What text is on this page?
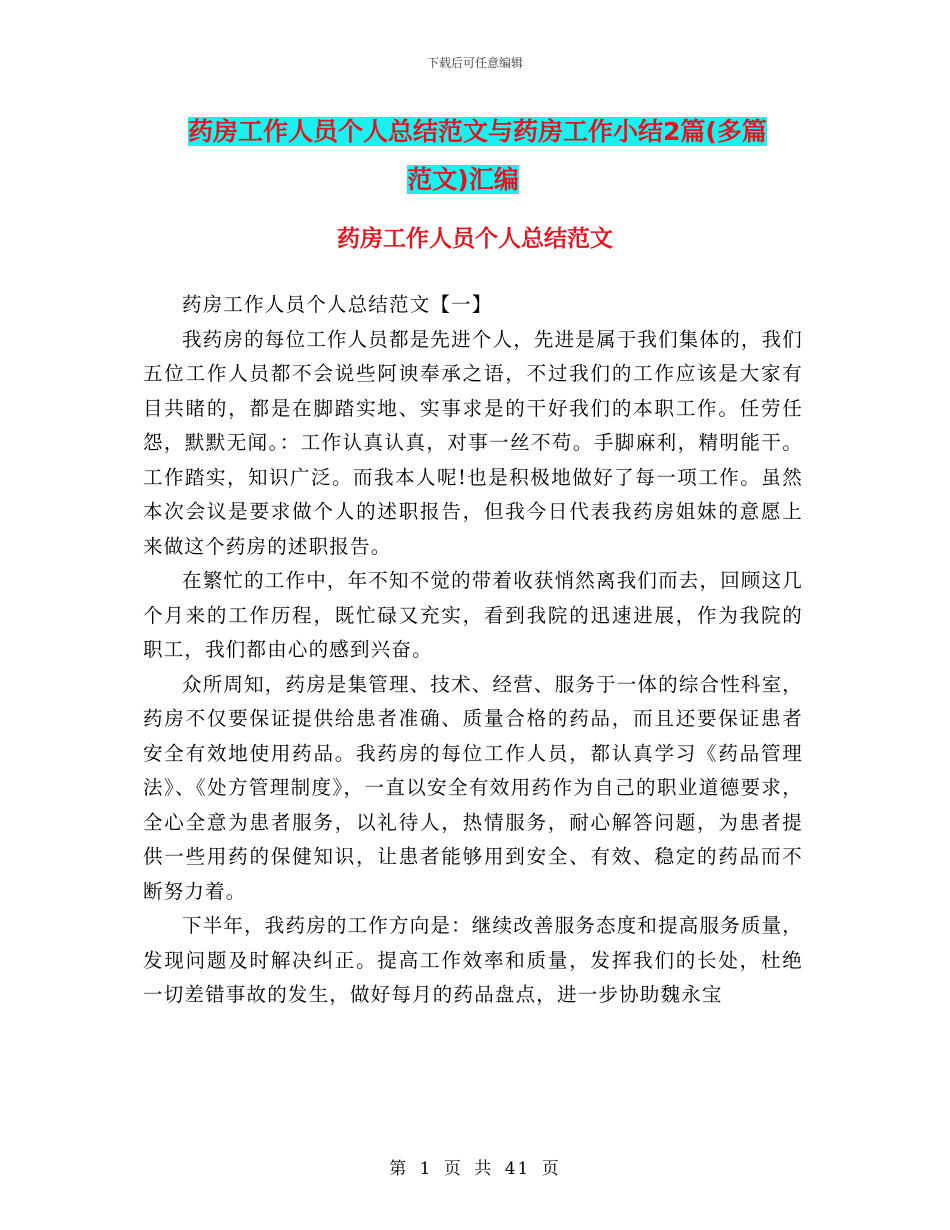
下载后可任意编辑
药房工作人员个人总结范文与药房工作小结2篇(多篇

范文)汇编
药房工作人员个人总结范文

药房工作人员个人总结范文【一】

我药房的每位工作人员都是先进个人，先进是属于我们集体的，我们五位工作人员都不会说些阿谀奉承之语，不过我们的工作应该是大家有目共睹的，都是在脚踏实地、实事求是的干好我们的本职工作。任劳任怨，默默无闻。：工作认真认真，对事一丝不苟。手脚麻利，精明能干。工作踏实，知识广泛。而我本人呢!也是积极地做好了每一项工作。虽然本次会议是要求做个人的述职报告，但我今日代表我药房姐妹的意愿上来做这个药房的述职报告。

在繁忙的工作中，年不知不觉的带着收获悄然离我们而去，回顾这几个月来的工作历程，既忙碌又充实，看到我院的迅速进展，作为我院的职工，我们都由心的感到兴奋。

众所周知，药房是集管理、技术、经营、服务于一体的综合性科室，药房不仅要保证提供给患者准确、质量合格的药品，而且还要保证患者安全有效地使用药品。我药房的每位工作人员，都认真学习《药品管理法》、《处方管理制度》，一直以安全有效用药作为自己的职业道德要求，全心全意为患者服务，以礼待人，热情服务，耐心解答问题，为患者提供一些用药的保健知识，让患者能够用到安全、有效、稳定的药品而不断努力着。

下半年，我药房的工作方向是：继续改善服务态度和提高服务质量，发现问题及时解决纠正。提高工作效率和质量，发挥我们的长处，杜绝一切差错事故的发生，做好每月的药品盘点，进一步协助魏永宝

第 1 页 共 41 页
